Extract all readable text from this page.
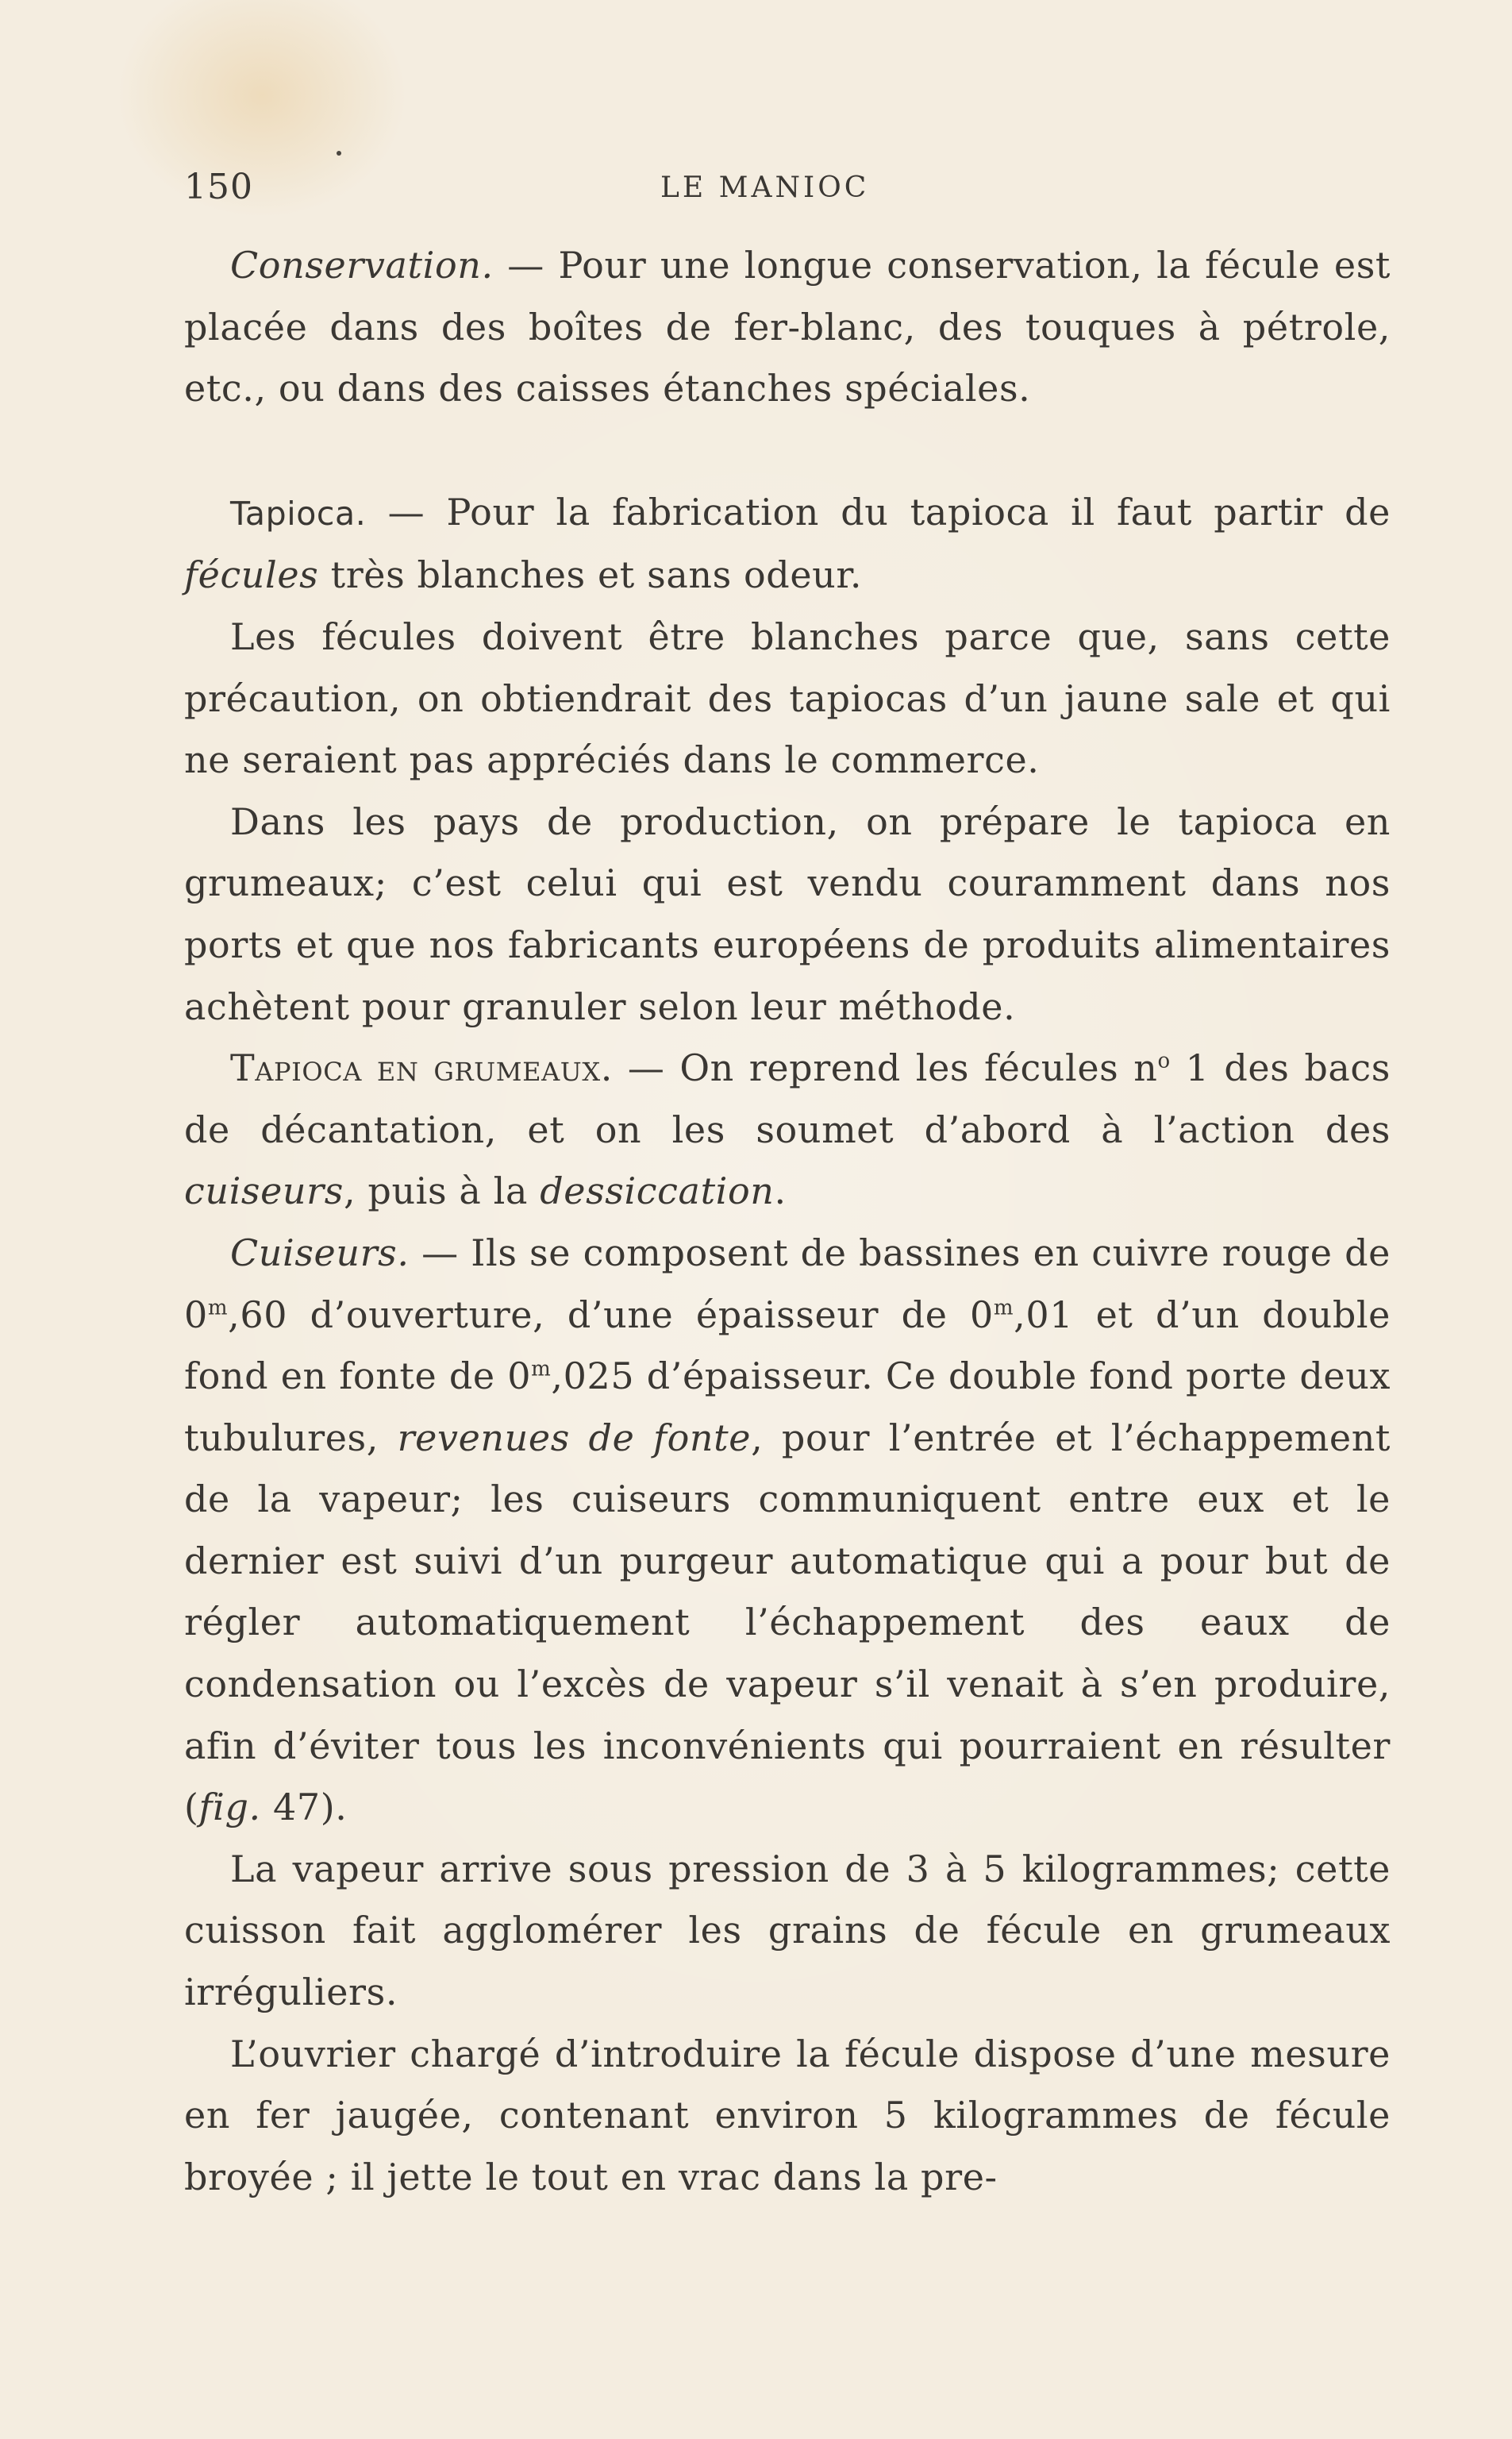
150	LE MANIOC

Conservation. — Pour une longue conservation, la fécule est placée dans des boîtes de fer-blanc, des touques à pétrole, etc., ou dans des caisses étanches spéciales.

Tapioca. — Pour la fabrication du tapioca il faut partir de fécules très blanches et sans odeur.

Les fécules doivent être blanches parce que, sans cette précaution, on obtiendrait des tapiocas d’un jaune sale et qui ne seraient pas appréciés dans le commerce.

Dans les pays de production, on prépare le tapioca en grumeaux; c’est celui qui est vendu couramment dans nos ports et que nos fabricants européens de produits alimentaires achètent pour granuler selon leur méthode.

Tapioca en grumeaux. — On reprend les fécules $n^o$ 1 des bacs de décantation, et on les soumet d’abord à l’action des cuiseurs, puis à la dessiccation.

Cuiseurs. — Ils se composent de bassines en cuivre rouge de 0$^m$,60 d’ouverture, d’une épaisseur de 0$^m$,01 et d’un double fond en fonte de 0$^m$,025 d’épaisseur. Ce double fond porte deux tubulures, revenues de fonte, pour l’entrée et l’échappement de la vapeur; les cuiseurs communiquent entre eux et le dernier est suivi d’un purgeur automatique qui a pour but de régler automatiquement l’échappement des eaux de condensation ou l’excès de vapeur s’il venait à s’en produire, afin d’éviter tous les inconvénients qui pourraient en résulter (fig. 47).

La vapeur arrive sous pression de 3 à 5 kilogrammes; cette cuisson fait agglomérer les grains de fécule en grumeaux irréguliers.

L’ouvrier chargé d’introduire la fécule dispose d’une mesure en fer jaugée, contenant environ 5 kilogrammes de fécule broyée ; il jette le tout en vrac dans la pre-
